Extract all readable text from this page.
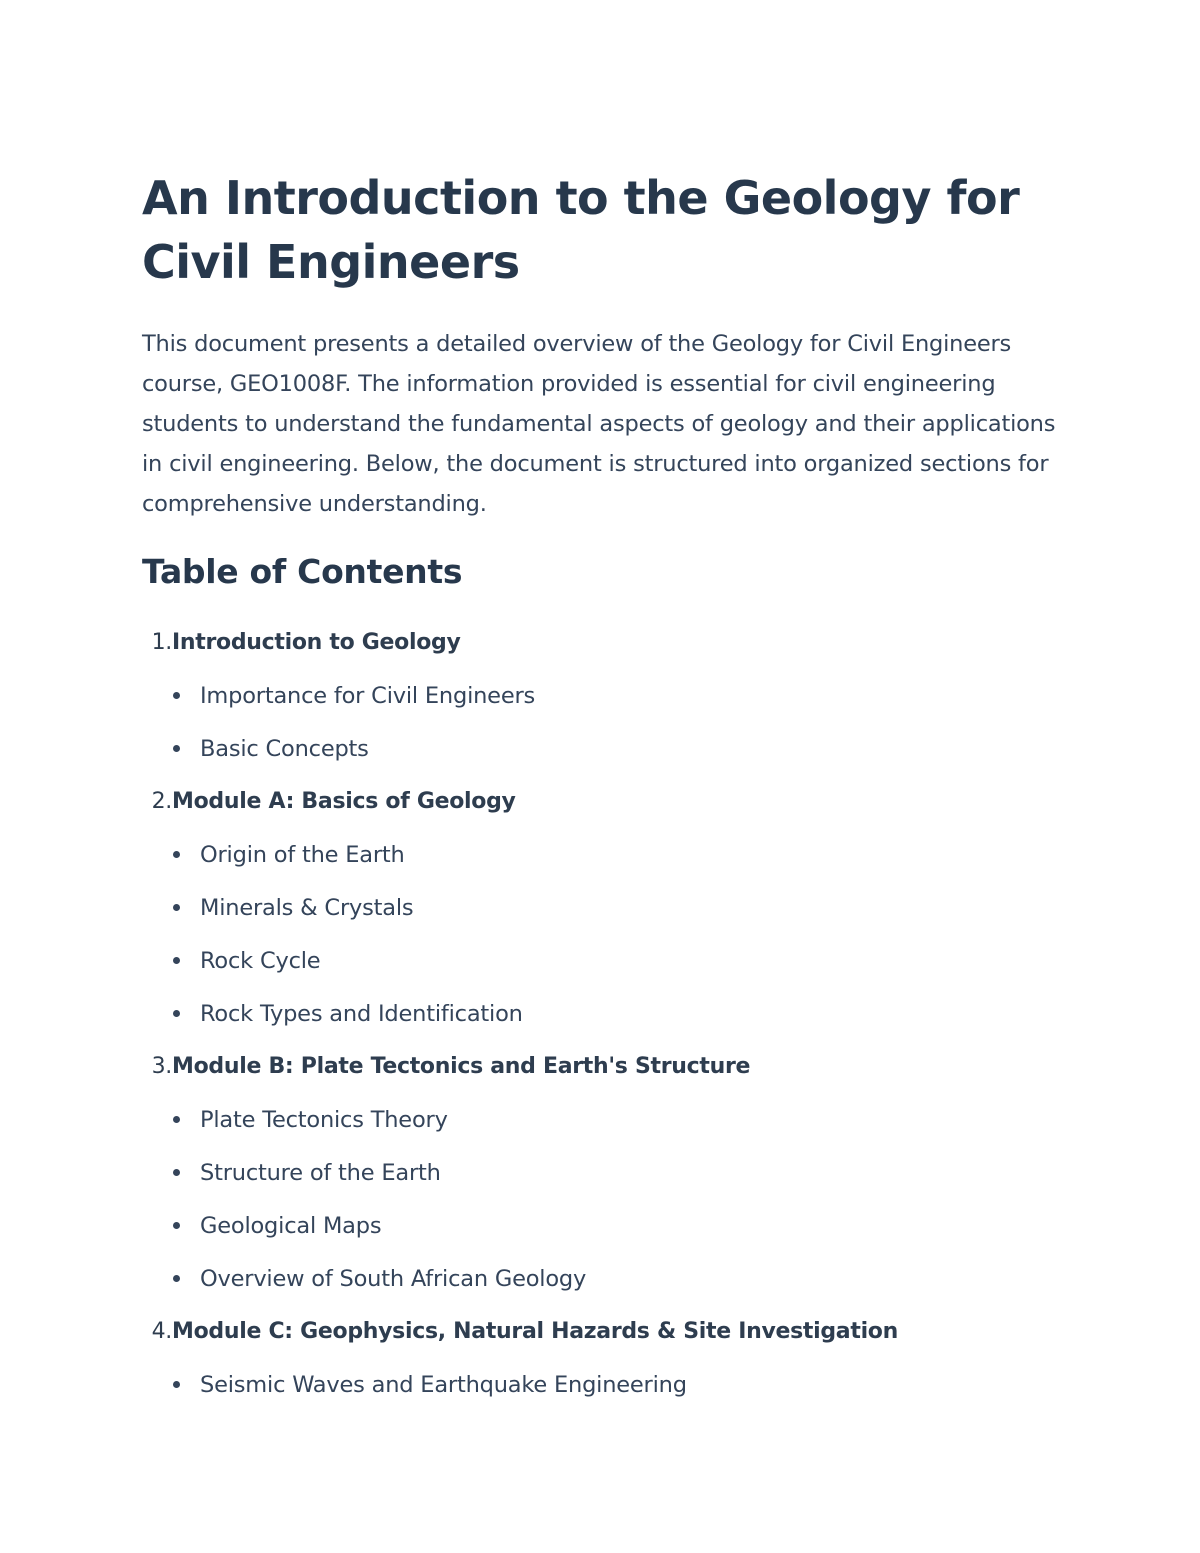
An Introduction to the Geology for Civil Engineers

This document presents a detailed overview of the Geology for Civil Engineers course, GEO1008F. The information provided is essential for civil engineering students to understand the fundamental aspects of geology and their applications in civil engineering. Below, the document is structured into organized sections for comprehensive understanding.

Table of Contents
1. Introduction to Geology
Importance for Civil Engineers
Basic Concepts
2. Module A: Basics of Geology
Origin of the Earth
Minerals & Crystals
Rock Cycle
Rock Types and Identification
3. Module B: Plate Tectonics and Earth's Structure
Plate Tectonics Theory
Structure of the Earth
Geological Maps
Overview of South African Geology
4. Module C: Geophysics, Natural Hazards & Site Investigation
Seismic Waves and Earthquake Engineering
